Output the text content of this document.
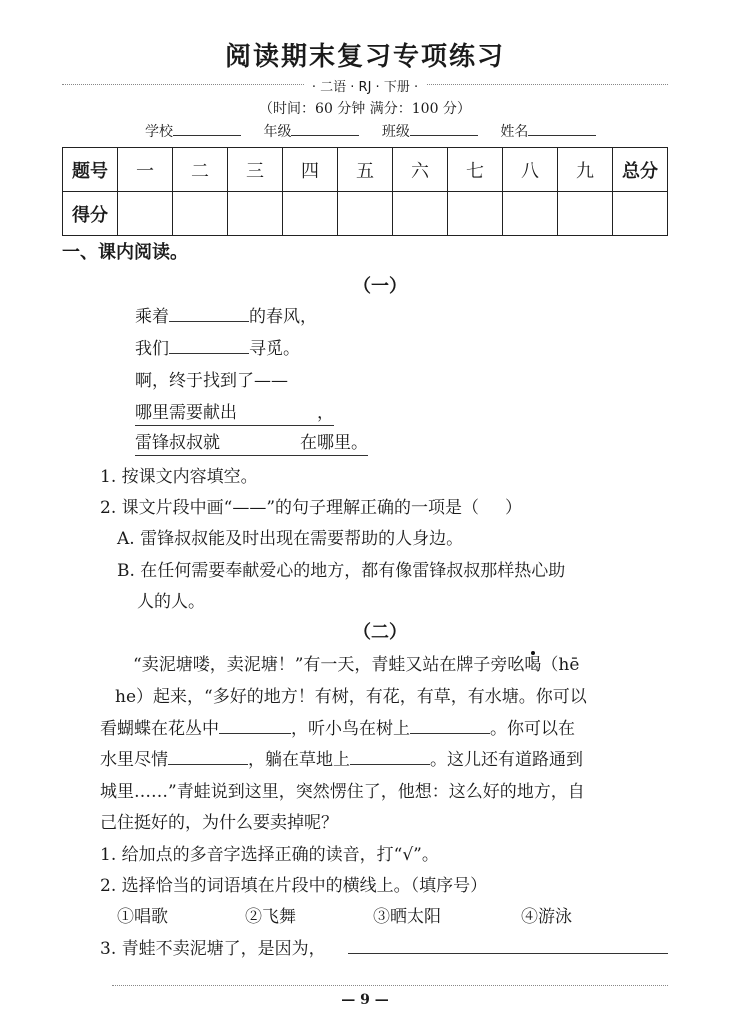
阅读期末复习专项练习
· 二语 · RJ · 下册 ·
（时间：60 分钟 满分：100 分）
学校	年级	班级	姓名
题号	一	二	三	四	五	六	七	八	九	总分
得分										
一、课内阅读。
（一）
乘着	的春风，
我们	寻觅。
啊，终于找到了——
哪里需要献出	，
雷锋叔叔就	在哪里。
1. 按课文内容填空。
2. 课文片段中画“——”的句子理解正确的一项是（ ）
A. 雷锋叔叔能及时出现在需要帮助的人身边。
B. 在任何需要奉献爱心的地方，都有像雷锋叔叔那样热心助
人的人。
（二）
“卖泥塘喽，卖泥塘！”有一天，青蛙又站在牌子旁吆喝（hē
he）起来，“多好的地方！有树，有花，有草，有水塘。你可以
看蝴蝶在花丛中	，听小鸟在树上	。你可以在
水里尽情	，躺在草地上	。这儿还有道路通到
城里……”青蛙说到这里，突然愣住了，他想：这么好的地方，自
己住挺好的，为什么要卖掉呢？
1. 给加点的多音字选择正确的读音，打“√”。
2. 选择恰当的词语填在片段中的横线上。（填序号）
①唱歌	②飞舞	③晒太阳	④游泳
3. 青蛙不卖泥塘了，是因为，
— 9 —
